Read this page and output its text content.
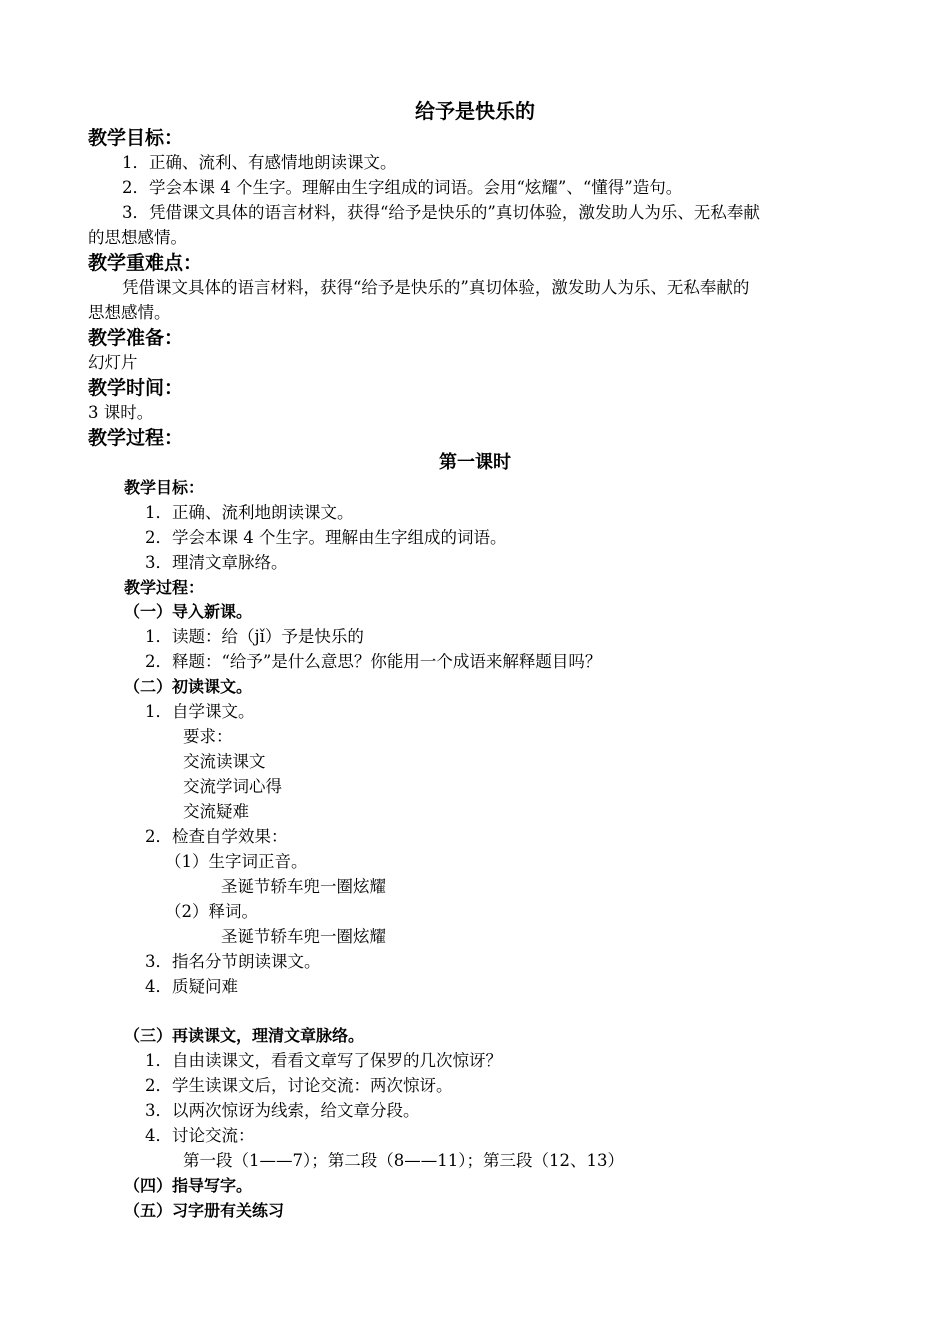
给予是快乐的
教学目标：
1．正确、流利、有感情地朗读课文。
2．学会本课 4 个生字。理解由生字组成的词语。会用“炫耀”、“懂得”造句。
3．凭借课文具体的语言材料，获得“给予是快乐的”真切体验，激发助人为乐、无私奉献
的思想感情。
教学重难点：
凭借课文具体的语言材料，获得“给予是快乐的”真切体验，激发助人为乐、无私奉献的
思想感情。
教学准备：
幻灯片
教学时间：
3 课时。
教学过程：
第一课时
教学目标：
1．正确、流利地朗读课文。
2．学会本课 4 个生字。理解由生字组成的词语。
3．理清文章脉络。
教学过程：
（一）导入新课。
1．读题：给（jǐ）予是快乐的
2．释题：“给予”是什么意思？你能用一个成语来解释题目吗？
（二）初读课文。
1．自学课文。
要求：
交流读课文
交流学词心得
交流疑难
2．检查自学效果：
（1）生字词正音。
圣诞节轿车兜一圈炫耀
（2）释词。
圣诞节轿车兜一圈炫耀
3．指名分节朗读课文。
4．质疑问难
（三）再读课文，理清文章脉络。
1．自由读课文，看看文章写了保罗的几次惊讶？
2．学生读课文后，讨论交流：两次惊讶。
3．以两次惊讶为线索，给文章分段。
4．讨论交流：
第一段（1——7）；第二段（8——11）；第三段（12、13）
（四）指导写字。
（五）习字册有关练习
